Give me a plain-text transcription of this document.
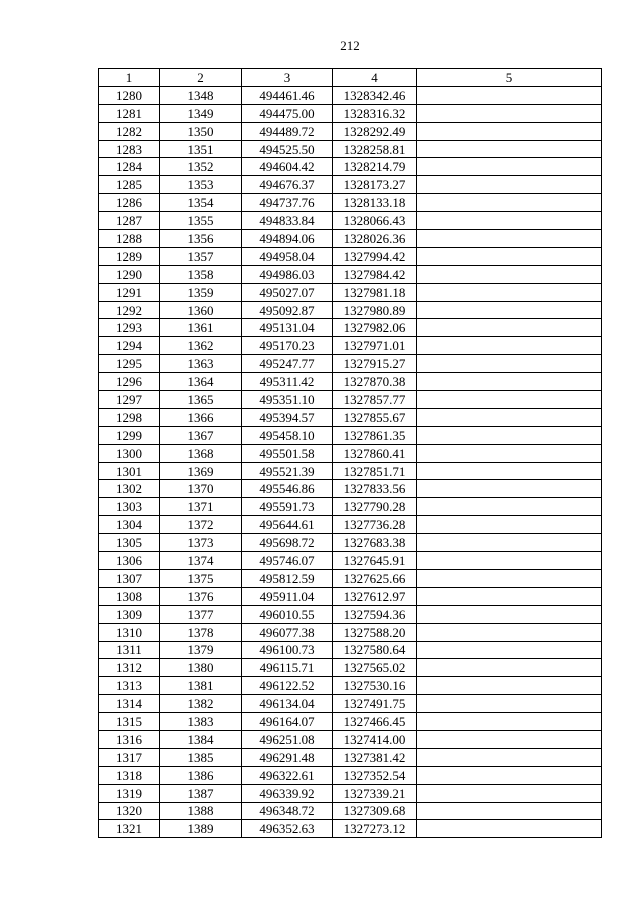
212
1	2	3	4	5
1280	1348	494461.46	1328342.46	
1281	1349	494475.00	1328316.32	
1282	1350	494489.72	1328292.49	
1283	1351	494525.50	1328258.81	
1284	1352	494604.42	1328214.79	
1285	1353	494676.37	1328173.27	
1286	1354	494737.76	1328133.18	
1287	1355	494833.84	1328066.43	
1288	1356	494894.06	1328026.36	
1289	1357	494958.04	1327994.42	
1290	1358	494986.03	1327984.42	
1291	1359	495027.07	1327981.18	
1292	1360	495092.87	1327980.89	
1293	1361	495131.04	1327982.06	
1294	1362	495170.23	1327971.01	
1295	1363	495247.77	1327915.27	
1296	1364	495311.42	1327870.38	
1297	1365	495351.10	1327857.77	
1298	1366	495394.57	1327855.67	
1299	1367	495458.10	1327861.35	
1300	1368	495501.58	1327860.41	
1301	1369	495521.39	1327851.71	
1302	1370	495546.86	1327833.56	
1303	1371	495591.73	1327790.28	
1304	1372	495644.61	1327736.28	
1305	1373	495698.72	1327683.38	
1306	1374	495746.07	1327645.91	
1307	1375	495812.59	1327625.66	
1308	1376	495911.04	1327612.97	
1309	1377	496010.55	1327594.36	
1310	1378	496077.38	1327588.20	
1311	1379	496100.73	1327580.64	
1312	1380	496115.71	1327565.02	
1313	1381	496122.52	1327530.16	
1314	1382	496134.04	1327491.75	
1315	1383	496164.07	1327466.45	
1316	1384	496251.08	1327414.00	
1317	1385	496291.48	1327381.42	
1318	1386	496322.61	1327352.54	
1319	1387	496339.92	1327339.21	
1320	1388	496348.72	1327309.68	
1321	1389	496352.63	1327273.12	
